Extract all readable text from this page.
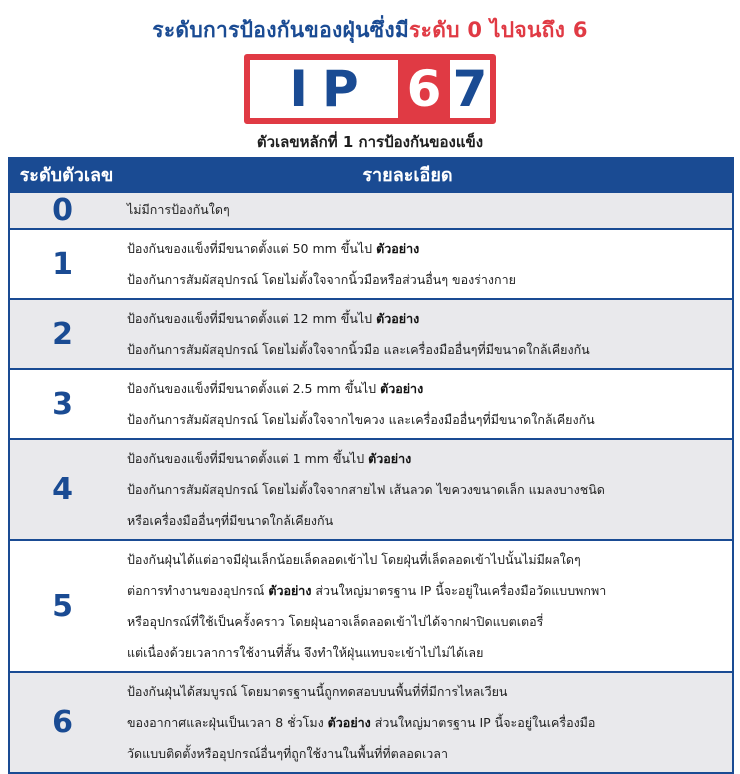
ระดับการป้องกันของฝุ่นซึ่งมีระดับ 0 ไปจนถึง 6
IP 6 7
ตัวเลขหลักที่ 1 การป้องกันของแข็ง
ระดับตัวเลข	รายละเอียด
0	ไม่มีการป้องกันใดๆ
1	ป้องกันของแข็งที่มีขนาดตั้งแต่ 50 mm ขึ้นไป ตัวอย่าง
ป้องกันการสัมผัสอุปกรณ์ โดยไม่ตั้งใจจากนิ้วมือหรือส่วนอื่นๆ ของร่างกาย
2	ป้องกันของแข็งที่มีขนาดตั้งแต่ 12 mm ขึ้นไป ตัวอย่าง
ป้องกันการสัมผัสอุปกรณ์ โดยไม่ตั้งใจจากนิ้วมือ และเครื่องมืออื่นๆที่มีขนาดใกล้เคียงกัน
3	ป้องกันของแข็งที่มีขนาดตั้งแต่ 2.5 mm ขึ้นไป ตัวอย่าง
ป้องกันการสัมผัสอุปกรณ์ โดยไม่ตั้งใจจากไขควง และเครื่องมืออื่นๆที่มีขนาดใกล้เคียงกัน
4
ป้องกันของแข็งที่มีขนาดตั้งแต่ 1 mm ขึ้นไป ตัวอย่าง
ป้องกันการสัมผัสอุปกรณ์ โดยไม่ตั้งใจจากสายไฟ เส้นลวด ไขควงขนาดเล็ก แมลงบางชนิด
หรือเครื่องมืออื่นๆที่มีขนาดใกล้เคียงกัน
5
ป้องกันฝุ่นได้แต่อาจมีฝุ่นเล็กน้อยเล็ดลอดเข้าไป โดยฝุ่นที่เล็ดลอดเข้าไปนั้นไม่มีผลใดๆ
ต่อการทำงานของอุปกรณ์ ตัวอย่าง ส่วนใหญ่มาตรฐาน IP นี้จะอยู่ในเครื่องมือวัดแบบพกพา
หรืออุปกรณ์ที่ใช้เป็นครั้งคราว โดยฝุ่นอาจเล็ดลอดเข้าไปได้จากฝาปิดแบตเตอรี่
แต่เนื่องด้วยเวลาการใช้งานที่สั้น จึงทำให้ฝุ่นแทบจะเข้าไปไม่ได้เลย
6
ป้องกันฝุ่นได้สมบูรณ์ โดยมาตรฐานนี้ถูกทดสอบบนพื้นที่ที่มีการไหลเวียน
ของอากาศและฝุ่นเป็นเวลา 8 ชั่วโมง ตัวอย่าง ส่วนใหญ่มาตรฐาน IP นี้จะอยู่ในเครื่องมือ
วัดแบบติดตั้งหรืออุปกรณ์อื่นๆที่ถูกใช้งานในพื้นที่ที่ตลอดเวลา
